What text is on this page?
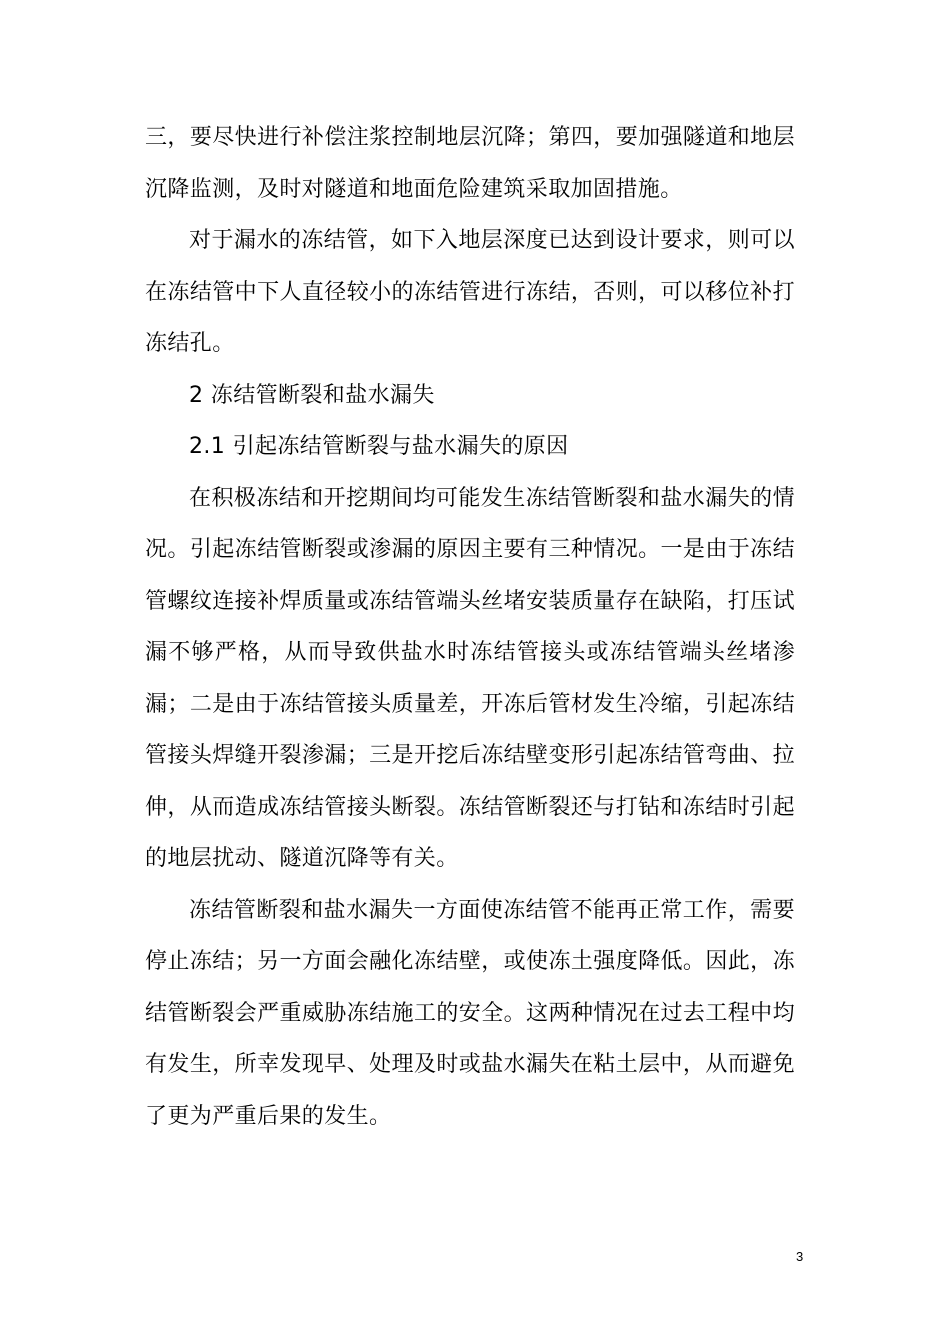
三，要尽快进行补偿注浆控制地层沉降；第四，要加强隧道和地层沉降监测，及时对隧道和地面危险建筑采取加固措施。

对于漏水的冻结管，如下入地层深度已达到设计要求，则可以在冻结管中下人直径较小的冻结管进行冻结，否则，可以移位补打冻结孔。

2 冻结管断裂和盐水漏失

2.1 引起冻结管断裂与盐水漏失的原因

在积极冻结和开挖期间均可能发生冻结管断裂和盐水漏失的情况。引起冻结管断裂或渗漏的原因主要有三种情况。一是由于冻结管螺纹连接补焊质量或冻结管端头丝堵安装质量存在缺陷，打压试漏不够严格，从而导致供盐水时冻结管接头或冻结管端头丝堵渗漏；二是由于冻结管接头质量差，开冻后管材发生冷缩，引起冻结管接头焊缝开裂渗漏；三是开挖后冻结壁变形引起冻结管弯曲、拉伸，从而造成冻结管接头断裂。冻结管断裂还与打钻和冻结时引起的地层扰动、隧道沉降等有关。

冻结管断裂和盐水漏失一方面使冻结管不能再正常工作，需要停止冻结；另一方面会融化冻结壁，或使冻土强度降低。因此，冻结管断裂会严重威胁冻结施工的安全。这两种情况在过去工程中均有发生，所幸发现早、处理及时或盐水漏失在粘土层中，从而避免了更为严重后果的发生。

3
